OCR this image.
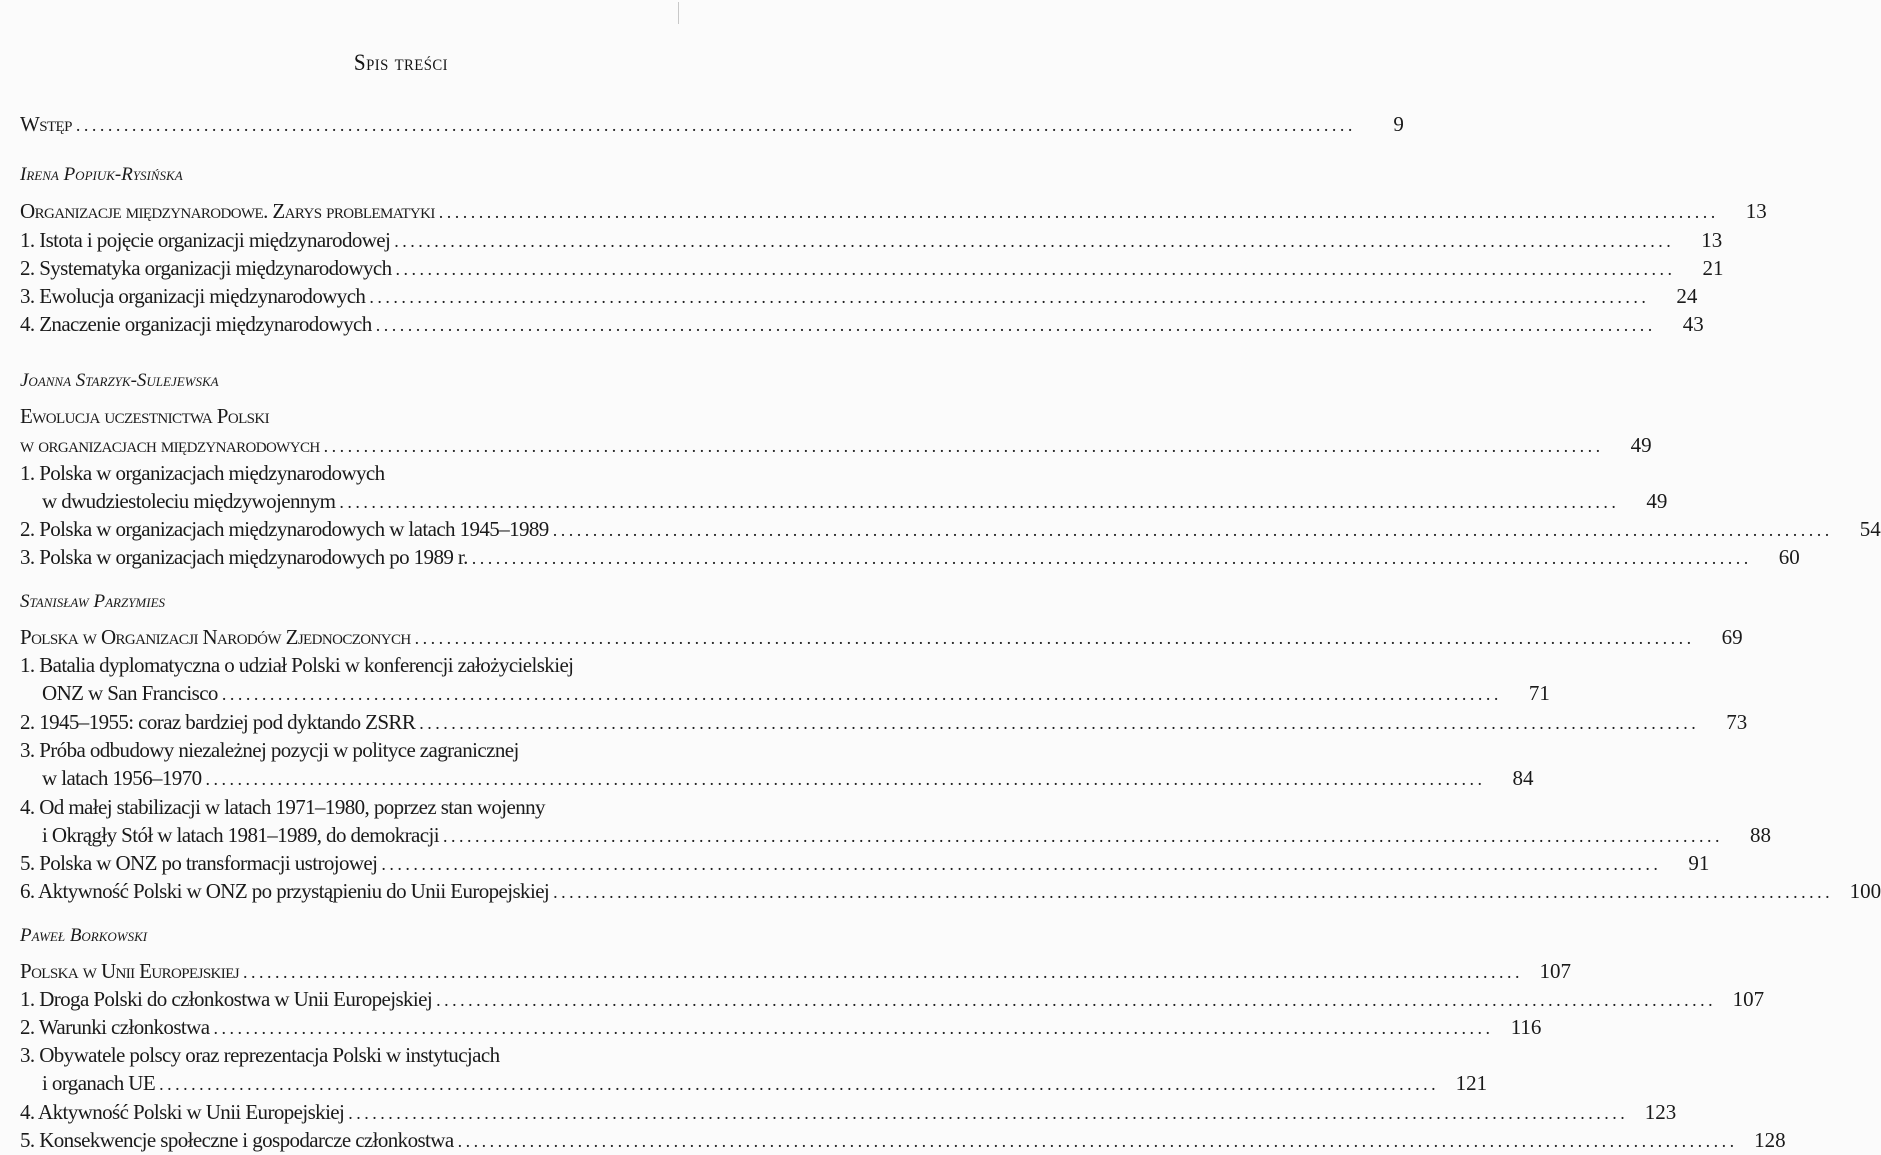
Spis treści
Wstęp ................................................................................................................................................................	9
Irena Popiuk-Rysińska
Organizacje międzynarodowe. Zarys problematyki ................................................................................................................................................................	13
1. Istota i pojęcie organizacji międzynarodowej ................................................................................................................................................................	13
2. Systematyka organizacji międzynarodowych ................................................................................................................................................................	21
3. Ewolucja organizacji międzynarodowych ................................................................................................................................................................	24
4. Znaczenie organizacji międzynarodowych ................................................................................................................................................................	43
Joanna Starzyk-Sulejewska
Ewolucja uczestnictwa Polski
w organizacjach międzynarodowych ................................................................................................................................................................	49
1. Polska w organizacjach międzynarodowych
w dwudziestoleciu międzywojennym ................................................................................................................................................................	49
2. Polska w organizacjach międzynarodowych w latach 1945–1989 ................................................................................................................................................................	54
3. Polska w organizacjach międzynarodowych po 1989 r. ................................................................................................................................................................	60
Stanisław Parzymies
Polska w Organizacji Narodów Zjednoczonych ................................................................................................................................................................	69
1. Batalia dyplomatyczna o udział Polski w konferencji założycielskiej
ONZ w San Francisco ................................................................................................................................................................	71
2. 1945–1955: coraz bardziej pod dyktando ZSRR ................................................................................................................................................................	73
3. Próba odbudowy niezależnej pozycji w polityce zagranicznej
w latach 1956–1970 ................................................................................................................................................................	84
4. Od małej stabilizacji w latach 1971–1980, poprzez stan wojenny
i Okrągły Stół w latach 1981–1989, do demokracji ................................................................................................................................................................	88
5. Polska w ONZ po transformacji ustrojowej ................................................................................................................................................................	91
6. Aktywność Polski w ONZ po przystąpieniu do Unii Europejskiej ................................................................................................................................................................ 100
Paweł Borkowski
Polska w Unii Europejskiej ................................................................................................................................................................ 107
1. Droga Polski do członkostwa w Unii Europejskiej ................................................................................................................................................................ 107
2. Warunki członkostwa ................................................................................................................................................................ 116
3. Obywatele polscy oraz reprezentacja Polski w instytucjach
i organach UE ................................................................................................................................................................ 121
4. Aktywność Polski w Unii Europejskiej ................................................................................................................................................................ 123
5. Konsekwencje społeczne i gospodarcze członkostwa ................................................................................................................................................................ 128
